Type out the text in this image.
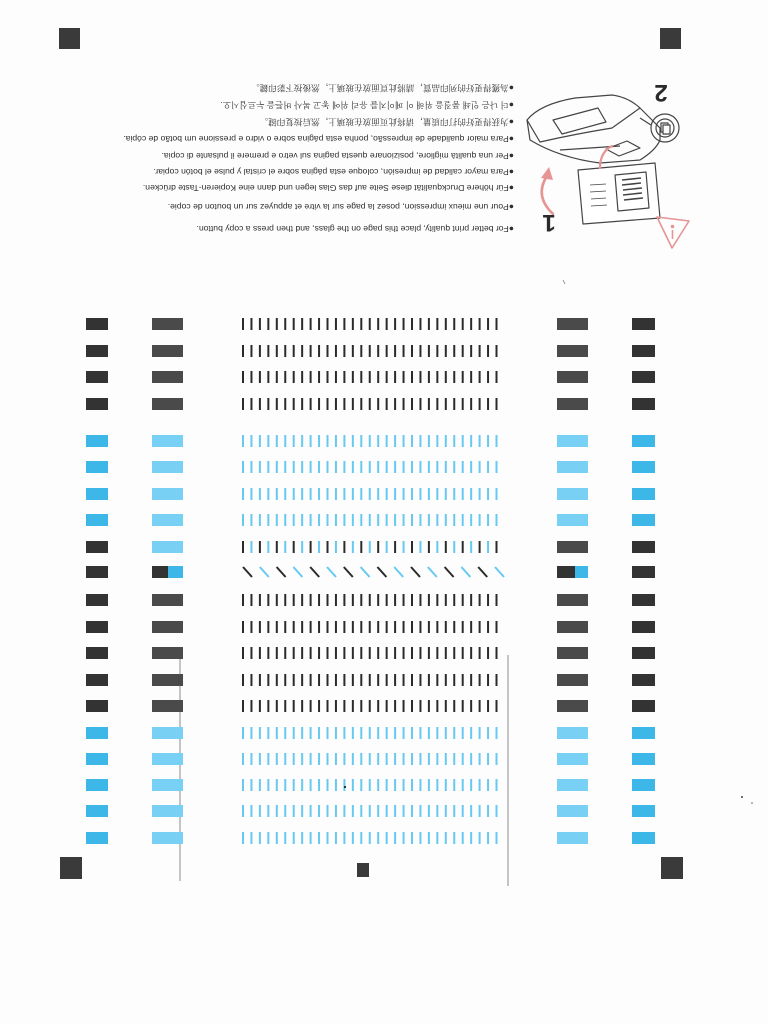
●For better print quality, place this page on the glass, and then press a copy button.
●Pour une mieux impression, posez la page sur la vitre et appuyez sur un bouton de copie.
●Für höhere Druckqualität diese Seite auf das Glas legen und dann eine Kopieren-Taste drücken.
●Para mayor calidad de impresión, coloque esta página sobre el cristal y pulse el botón copiar.
●Per una qualità migliore, posizionare questa pagina sul vetro e premere il pulsante di copia.
●Para maior qualidade de impressão, ponha esta página sobre o vidro e pressione um botão de cópia.
●为获得更好的打印质量，请将此页面放在玻璃上，然后按复印键。
●더 나은 인쇄 품질을 위해 이 페이지를 유리 위에 놓고 복사 버튼을 누르십시오.
●為獲得更好的列印品質，請將此頁面放在玻璃上，然後按下影印鍵。
1
2
